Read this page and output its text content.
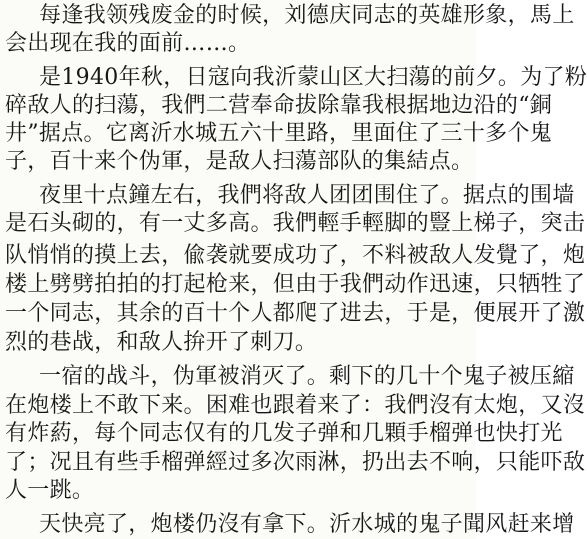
每 逢 我 领 残 废 金 的 时 候 ， 刘 德 庆 同 志 的 英 雄 形 象 ， 馬 上
会出现在我的面前……。
是 1 9 4 0 年 秋 ， 日 寇 向 我 沂 蒙 山 区 大 扫 蕩 的 前 夕 。 为 了 粉
碎 敌 人 的 扫 蕩 ， 我 們 二 营 奉 命 拔 除 靠 我 根 据 地 边 沿 的 “ 銅
井 ” 据 点 。 它 离 沂 水 城 五 六 十 里 路 ， 里 面 住 了 三 十 多 个 鬼
子，百十来个伪軍，是敌人扫蕩部队的集結点。
夜 里 十 点 鐘 左 右 ， 我 們 将 敌 人 团 团 围 住 了 。 据 点 的 围 墙
是 石 头 砌 的 ， 有 一 丈 多 高 。 我 們 輕 手 輕 脚 的 豎 上 梯 子 ， 突 击
队 悄 悄 的 摸 上 去 ， 偸 袭 就 要 成 功 了 ， 不 料 被 敌 人 发 覺 了 ， 炮
楼 上 劈 劈 拍 拍 的 打 起 枪 来 ， 但 由 于 我 們 动 作 迅 速 ， 只 牺 牲 了
一 个 同 志 ， 其 余 的 百 十 个 人 都 爬 了 进 去 ， 于 是 ， 便 展 开 了 激
烈的巷战，和敌人拚开了刺刀。
一 宿 的 战 斗 ， 伪 軍 被 消 灭 了 。 剩 下 的 几 十 个 鬼 子 被 压 縮
在 炮 楼 上 不 敢 下 来 。 困 难 也 跟 着 来 了 ： 我 們 沒 有 太 炮 ， 又 沒
有 炸 葯 ， 每 个 同 志 仅 有 的 几 发 子 弹 和 几 顆 手 榴 弹 也 快 打 光
了 ； 况 且 有 些 手 榴 弹 經 过 多 次 雨 淋 ， 扔 出 去 不 响 ， 只 能 吓 敌
人一跳。
天 快 亮 了 ， 炮 楼 仍 沒 有 拿 下 。 沂 水 城 的 鬼 子 聞 风 赶 来 增
